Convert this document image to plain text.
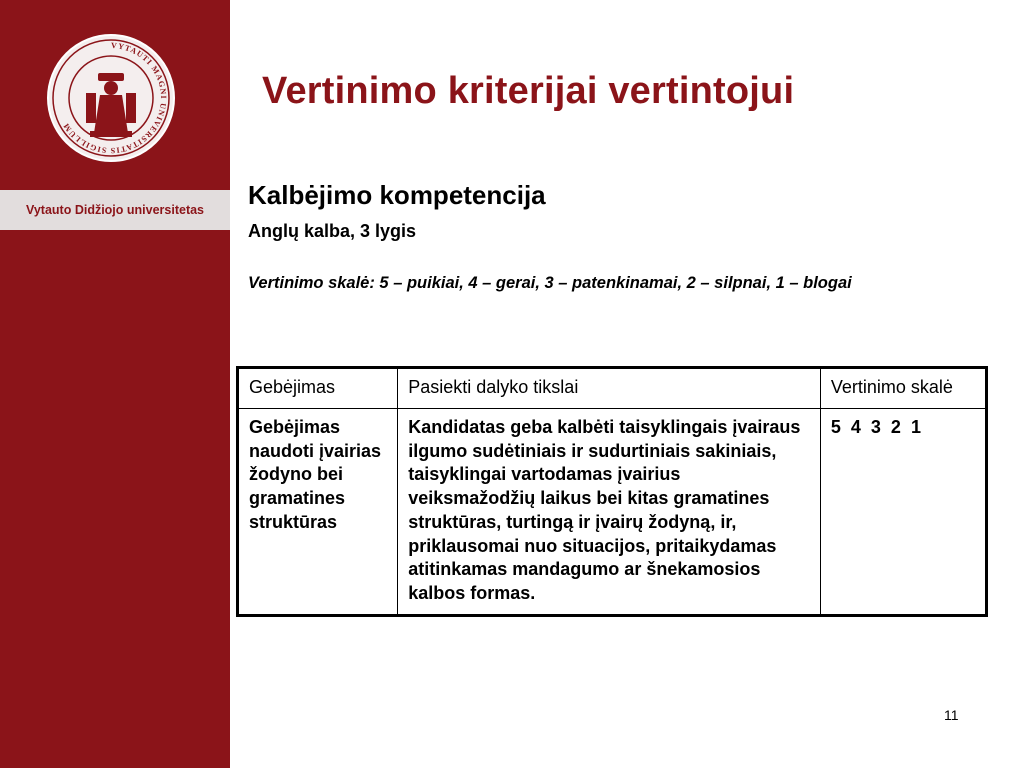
VYTAUTI MAGNI UNIVERSITATIS SIGILLUM
Vytauto Didžiojo universitetas
Vertinimo kriterijai vertintojui
Kalbėjimo kompetencija
Anglų kalba, 3 lygis
Vertinimo skalė: 5 – puikiai, 4 – gerai, 3 – patenkinamai, 2 – silpnai, 1 – blogai
Gebėjimas	Pasiekti dalyko tikslai	Vertinimo skalė
Gebėjimas naudoti įvairias žodyno bei gramatines struktūras	Kandidatas geba kalbėti taisyklingais įvairaus ilgumo sudėtiniais ir sudurtiniais sakiniais, taisyklingai vartodamas įvairius veiksmažodžių laikus bei kitas gramatines struktūras, turtingą ir įvairų žodyną, ir, priklausomai nuo situacijos, pritaikydamas atitinkamas mandagumo ar šnekamosios kalbos formas.	5  4  3  2  1
11
